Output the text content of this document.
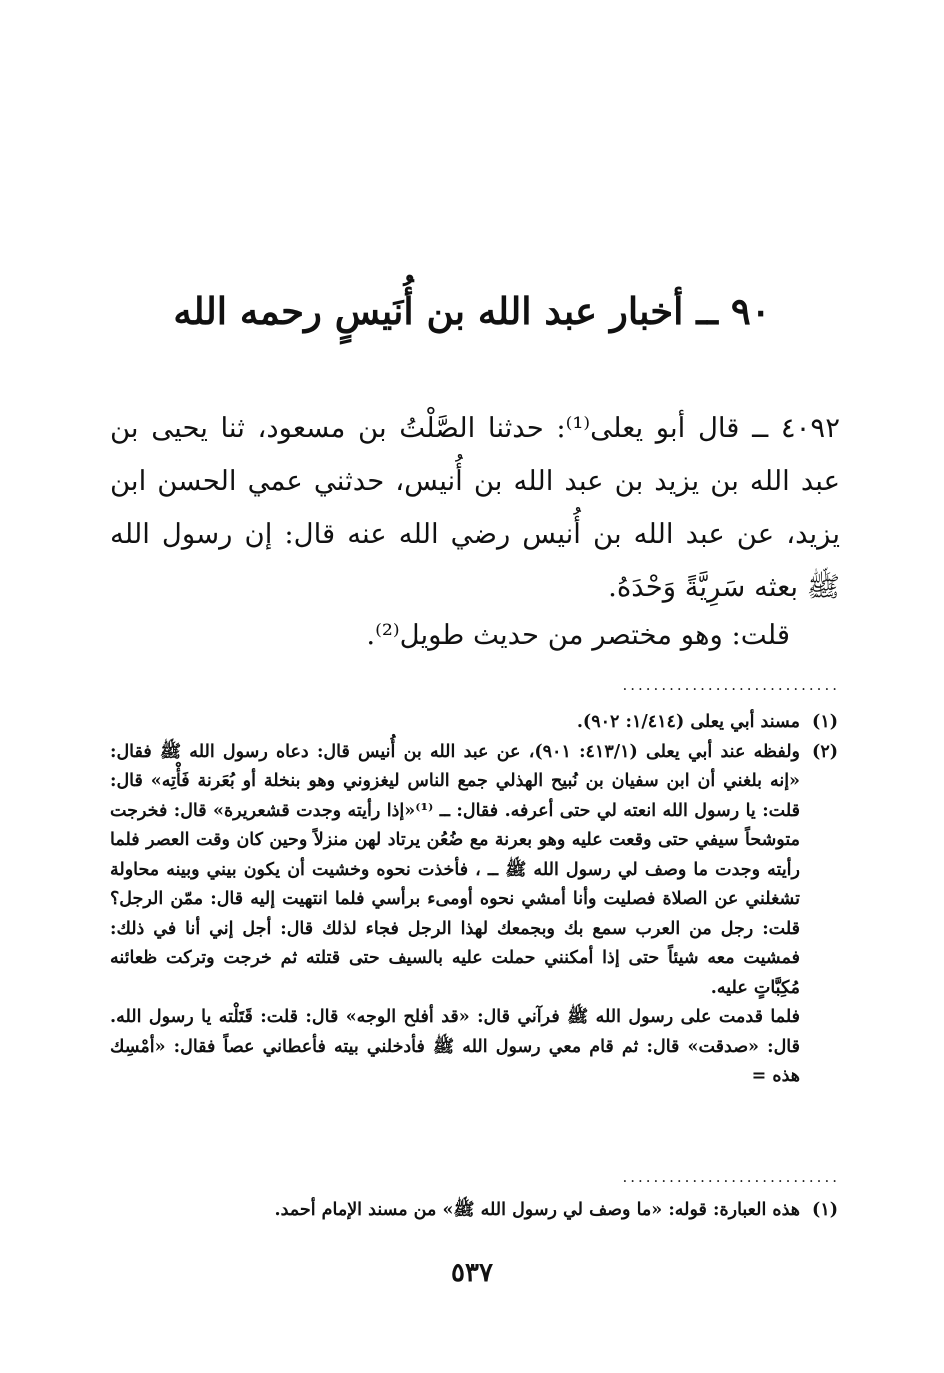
٩٠ ــ أخبار عبد الله بن أُنَيسٍ رحمه الله

٤٠٩٢ ــ قال أبو يعلى⁽¹⁾: حدثنا الصَّلْتُ بن مسعود، ثنا يحيى بن عبد الله بن يزيد بن عبد الله بن أُنيس، حدثني عمي الحسن ابن يزيد، عن عبد الله بن أُنيس رضي الله عنه قال: إن رسول الله ﷺ بعثه سَرِيَّةً وَحْدَهُ.

قلت: وهو مختصر من حديث طويل⁽²⁾.
............................
(١)

مسند أبي يعلى (١/٤١٤: ٩٠٢).

(٢)

ولفظه عند أبي يعلى (٤١٣/١: ٩٠١)، عن عبد الله بن أُنيس قال: دعاه رسول الله ﷺ فقال: «إنه بلغني أن ابن سفيان بن نُبيح الهذلي جمع الناس ليغزوني وهو بنخلة أو بُعَرنة فَأْتِه» قال: قلت: يا رسول الله انعته لي حتى أعرفه. فقال: ــ ⁽¹⁾«إذا رأيته وجدت قشعريرة» قال: فخرجت متوشحاً سيفي حتى وقعت عليه وهو بعرنة مع ضُعُن يرتاد لهن منزلاً وحين كان وقت العصر فلما رأيته وجدت ما وصف لي رسول الله ﷺ ــ ، فأخذت نحوه وخشيت أن يكون بيني وبينه محاولة تشغلني عن الصلاة فصليت وأنا أمشي نحوه أومىء برأسي فلما انتهيت إليه قال: ممّن الرجل؟ قلت: رجل من العرب سمع بك وبجمعك لهذا الرجل فجاء لذلك قال: أجل إني أنا في ذلك: فمشيت معه شيئاً حتى إذا أمكنني حملت عليه بالسيف حتى قتلته ثم خرجت وتركت ظعائنه مُكِبَّاتٍ عليه.

فلما قدمت على رسول الله ﷺ فرآني قال: «قد أفلح الوجه» قال: قلت: قَتَلْته يا رسول الله. قال: «صدقت» قال: ثم قام معي رسول الله ﷺ فأدخلني بيته فأعطاني عصاً فقال: «أمْسِك هذه =

............................
(١)

هذه العبارة: قوله: «ما وصف لي رسول الله ﷺ» من مسند الإمام أحمد.

٥٣٧
